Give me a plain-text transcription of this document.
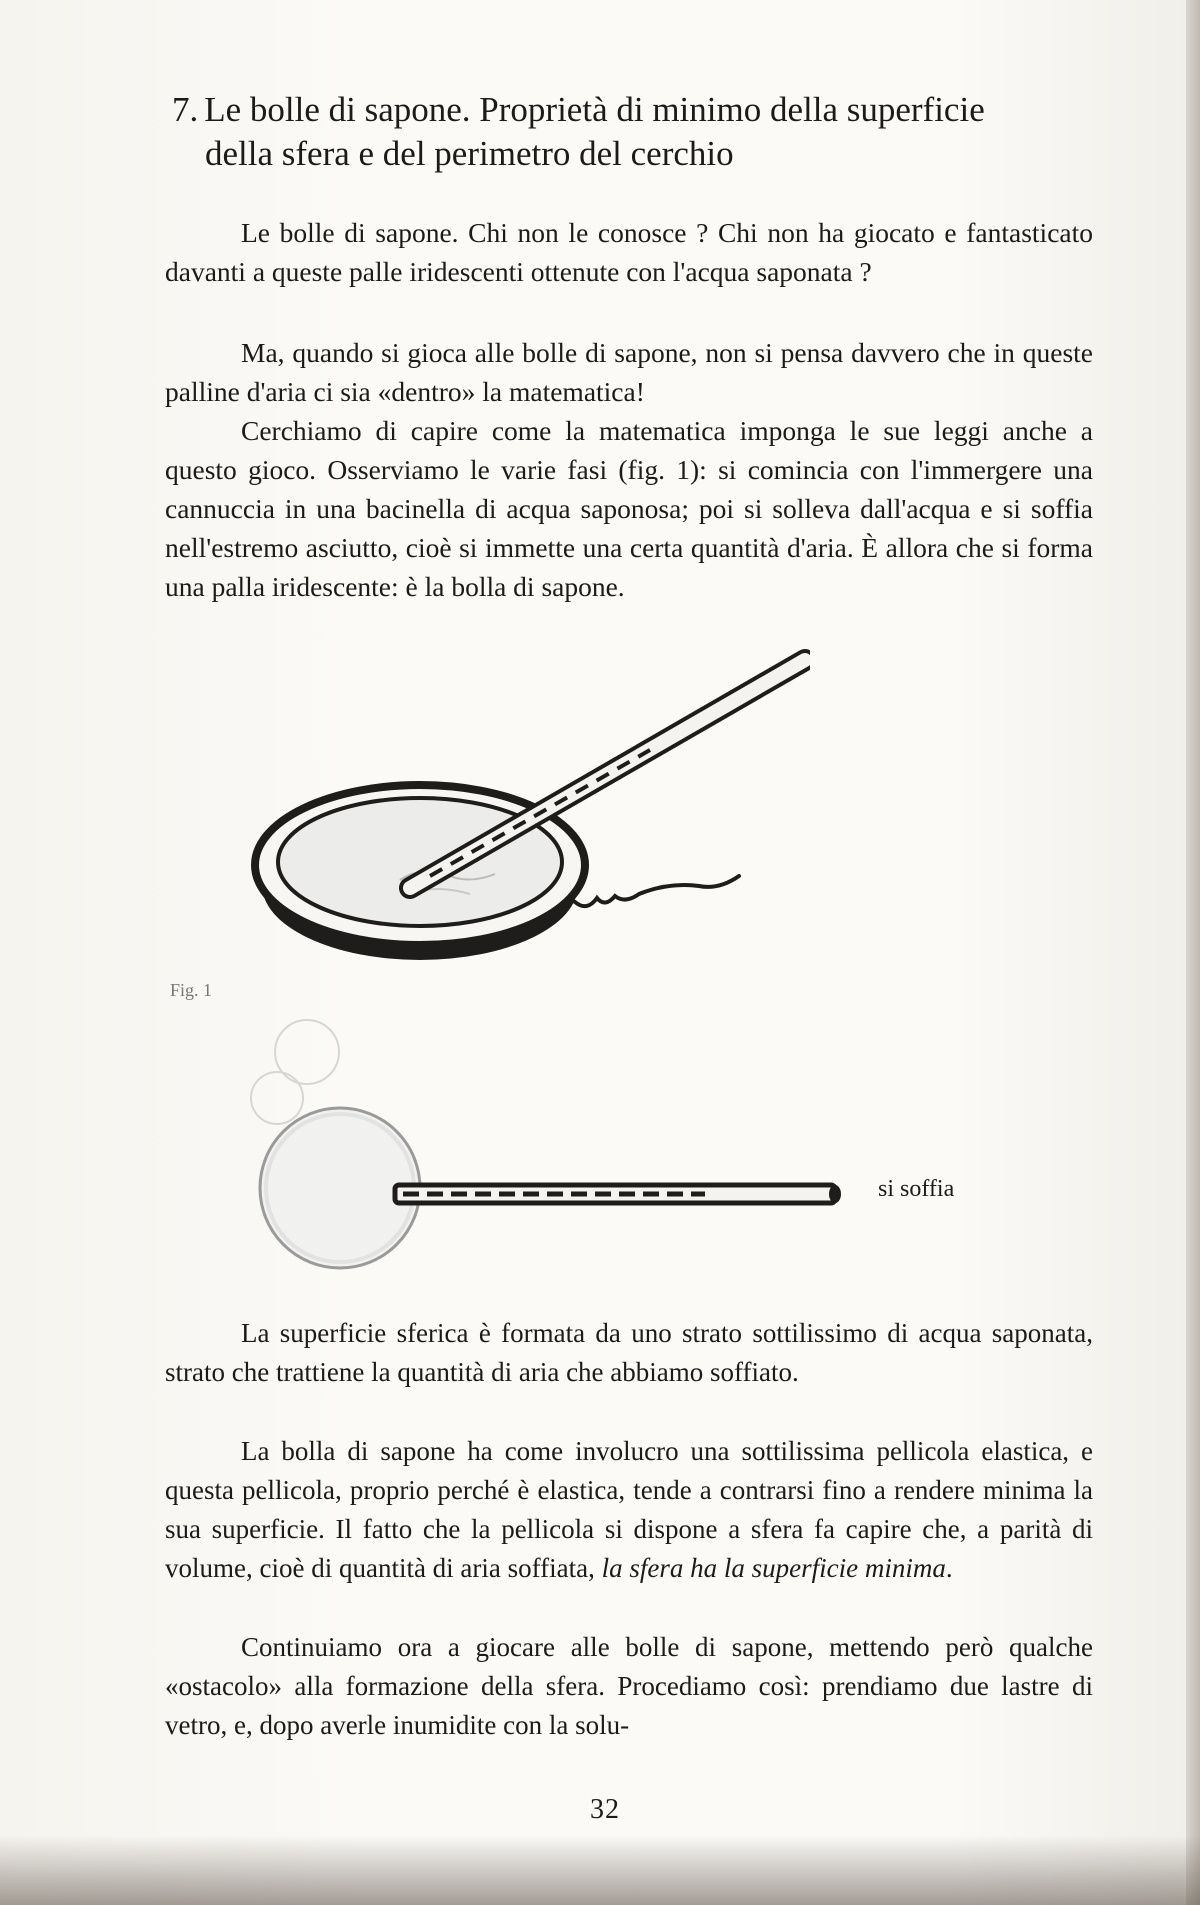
7. Le bolle di sapone. Proprietà di minimo della superficie
della sfera e del perimetro del cerchio

Le bolle di sapone. Chi non le conosce ? Chi non ha giocato e fantasticato davanti a queste palle iridescenti ottenute con l'acqua saponata ?

Ma, quando si gioca alle bolle di sapone, non si pensa davvero che in queste palline d'aria ci sia «dentro» la matematica!

Cerchiamo di capire come la matematica imponga le sue leggi anche a questo gioco. Osserviamo le varie fasi (fig. 1): si comincia con l'immergere una cannuccia in una bacinella di acqua saponosa; poi si solleva dall'acqua e si soffia nell'estremo asciutto, cioè si immette una certa quantità d'aria. È allora che si forma una palla iridescente: è la bolla di sapone.

Fig. 1
si soffia

La superficie sferica è formata da uno strato sottilissimo di acqua saponata, strato che trattiene la quantità di aria che abbiamo soffiato.

La bolla di sapone ha come involucro una sottilissima pellicola elastica, e questa pellicola, proprio perché è elastica, tende a contrarsi fino a rendere minima la sua superficie. Il fatto che la pellicola si dispone a sfera fa capire che, a parità di volume, cioè di quantità di aria soffiata, la sfera ha la superficie minima.

Continuiamo ora a giocare alle bolle di sapone, mettendo però qualche «ostacolo» alla formazione della sfera. Procediamo così: prendiamo due lastre di vetro, e, dopo averle inumidite con la solu-

32
